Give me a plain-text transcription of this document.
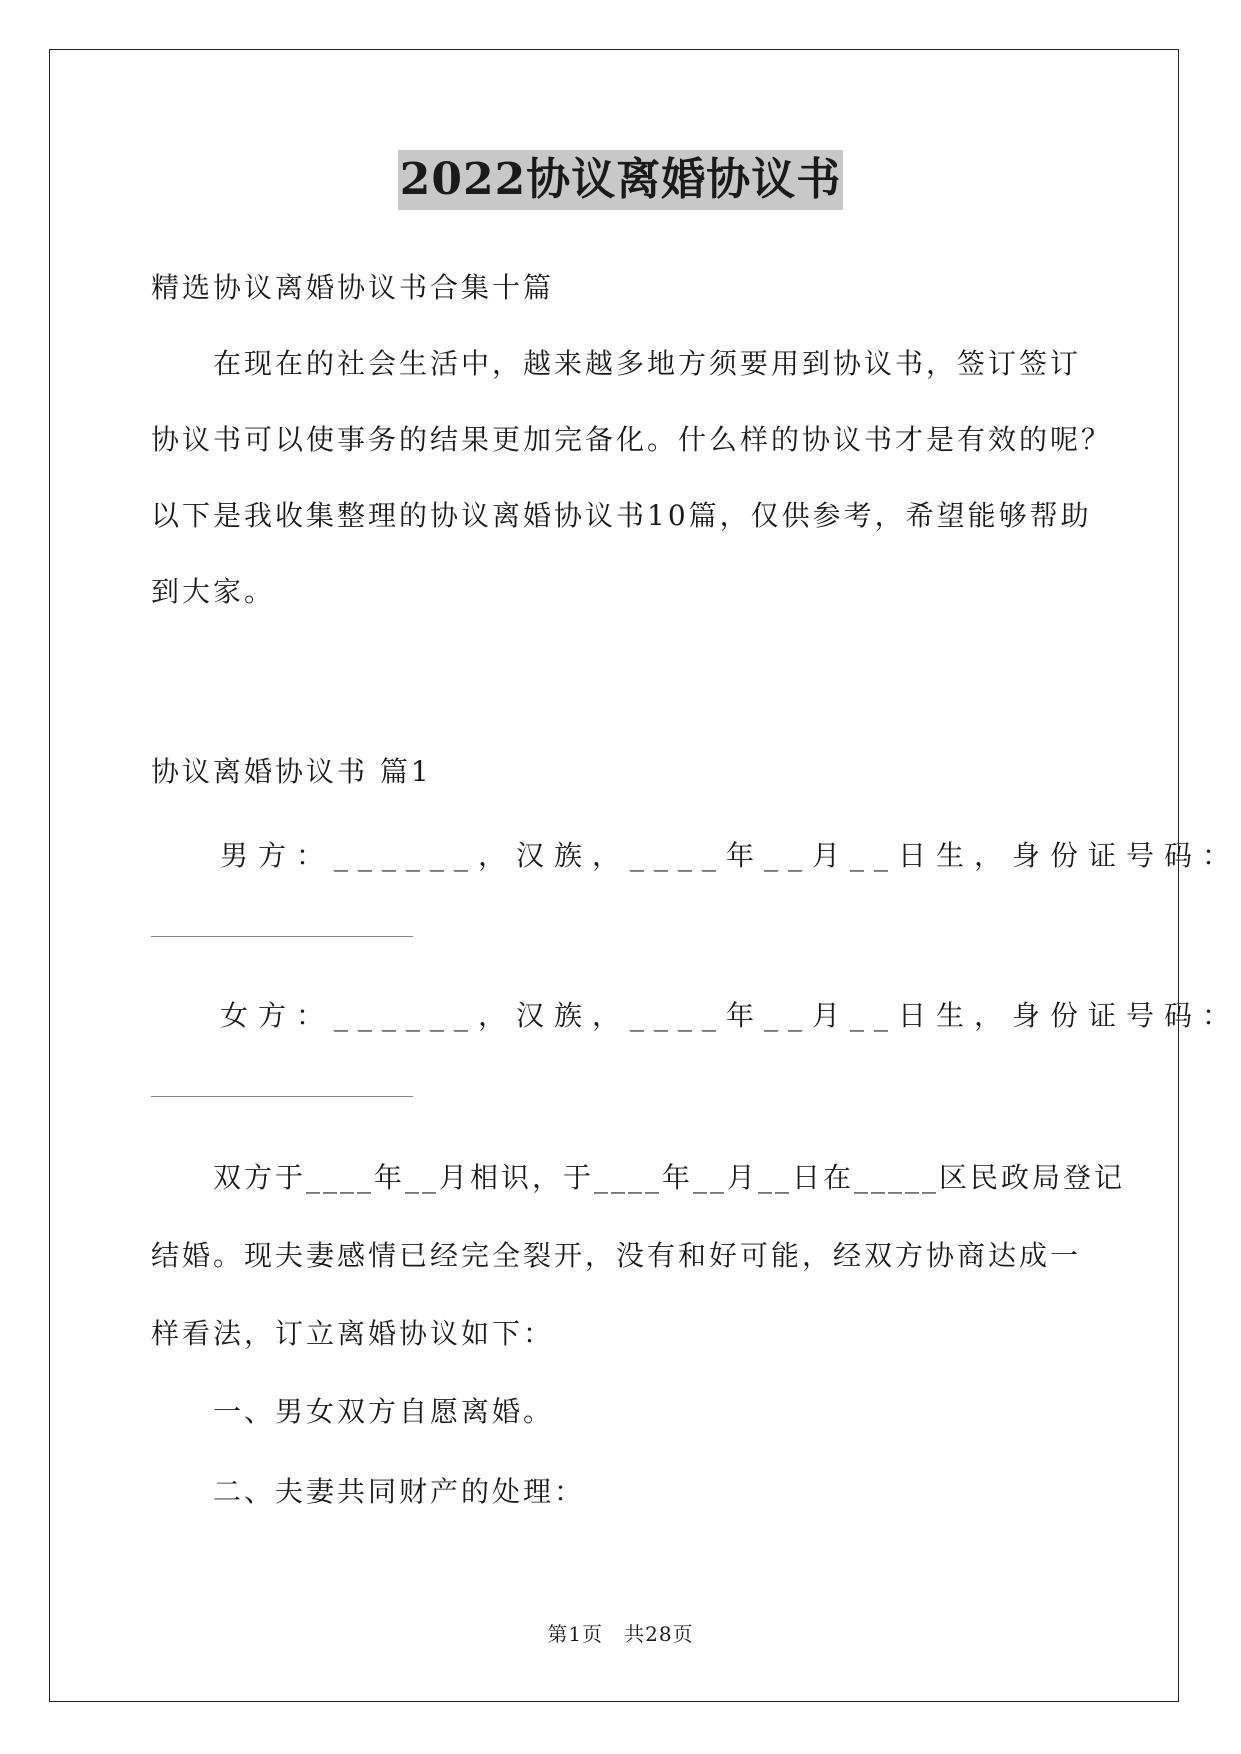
2022协议离婚协议书
精选协议离婚协议书合集十篇
在现在的社会生活中，越来越多地方须要用到协议书，签订签订
协议书可以使事务的结果更加完备化。什么样的协议书才是有效的呢？
以下是我收集整理的协议离婚协议书10篇，仅供参考，希望能够帮助
到大家。
协议离婚协议书 篇1
男方：______，汉族，____年__月__日生，身份证号码：
女方：______，汉族，____年__月__日生，身份证号码：
双方于____年__月相识，于____年__月__日在_____区民政局登记
结婚。现夫妻感情已经完全裂开，没有和好可能，经双方协商达成一
样看法，订立离婚协议如下：
一、男女双方自愿离婚。
二、夫妻共同财产的处理：
第1页　共28页
